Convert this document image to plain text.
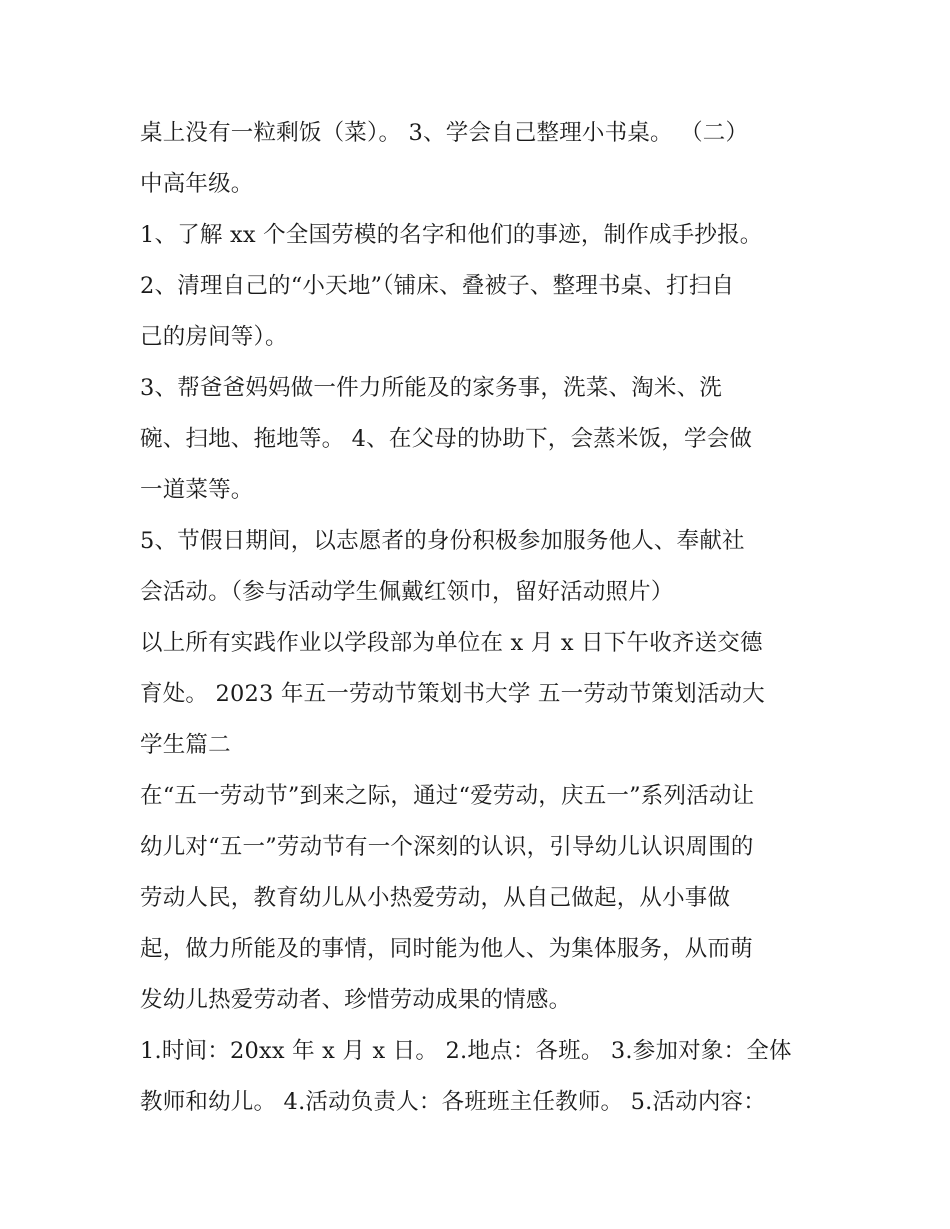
桌上没有一粒剩饭（菜）。 3、学会自己整理小书桌。 （二）
中高年级。
1、了解 xx 个全国劳模的名字和他们的事迹，制作成手抄报。
2、清理自己的“小天地”（铺床、叠被子、整理书桌、打扫自
己的房间等）。
3、帮爸爸妈妈做一件力所能及的家务事，洗菜、淘米、洗
碗、扫地、拖地等。 4、在父母的协助下，会蒸米饭，学会做
一道菜等。
5、节假日期间，以志愿者的身份积极参加服务他人、奉献社
会活动。（参与活动学生佩戴红领巾，留好活动照片）
以上所有实践作业以学段部为单位在 x 月 x 日下午收齐送交德
育处。 2023 年五一劳动节策划书大学 五一劳动节策划活动大
学生篇二
在“五一劳动节”到来之际，通过“爱劳动，庆五一”系列活动让
幼儿对“五一”劳动节有一个深刻的认识，引导幼儿认识周围的
劳动人民，教育幼儿从小热爱劳动，从自己做起，从小事做
起，做力所能及的事情，同时能为他人、为集体服务，从而萌
发幼儿热爱劳动者、珍惜劳动成果的情感。
1.时间：20xx 年 x 月 x 日。 2.地点：各班。 3.参加对象：全体
教师和幼儿。 4.活动负责人：各班班主任教师。 5.活动内容：
